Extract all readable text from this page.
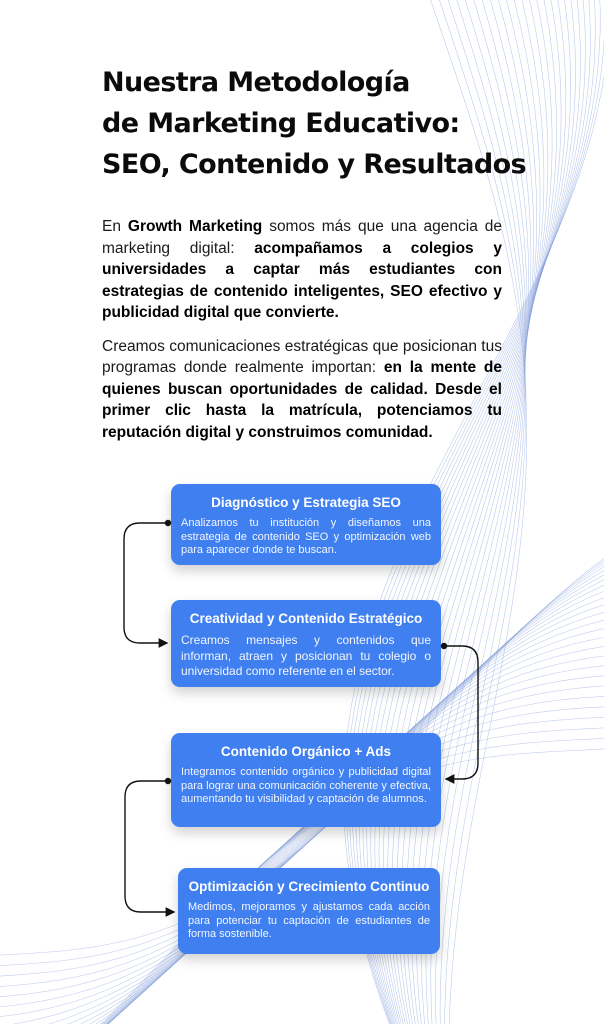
Nuestra Metodología
de Marketing Educativo:
SEO, Contenido y Resultados

En Growth Marketing somos más que una agencia de marketing digital: acompañamos a colegios y universidades a captar más estudiantes con estrategias de contenido inteligentes, SEO efectivo y publicidad digital que convierte.

Creamos comunicaciones estratégicas que posicionan tus programas donde realmente importan: en la mente de quienes buscan oportunidades de calidad. Desde el primer clic hasta la matrícula, potenciamos tu reputación digital y construimos comunidad.

Diagnóstico y Estrategia SEO

Analizamos tu institución y diseñamos una estrategia de contenido SEO y optimización web para aparecer donde te buscan.

Creatividad y Contenido Estratégico

Creamos mensajes y contenidos que informan, atraen y posicionan tu colegio o universidad como referente en el sector.

Contenido Orgánico + Ads

Integramos contenido orgánico y publicidad digital para lograr una comunicación coherente y efectiva, aumentando tu visibilidad y captación de alumnos.

Optimización y Crecimiento Continuo

Medimos, mejoramos y ajustamos cada acción para potenciar tu captación de estudiantes de forma sostenible.
